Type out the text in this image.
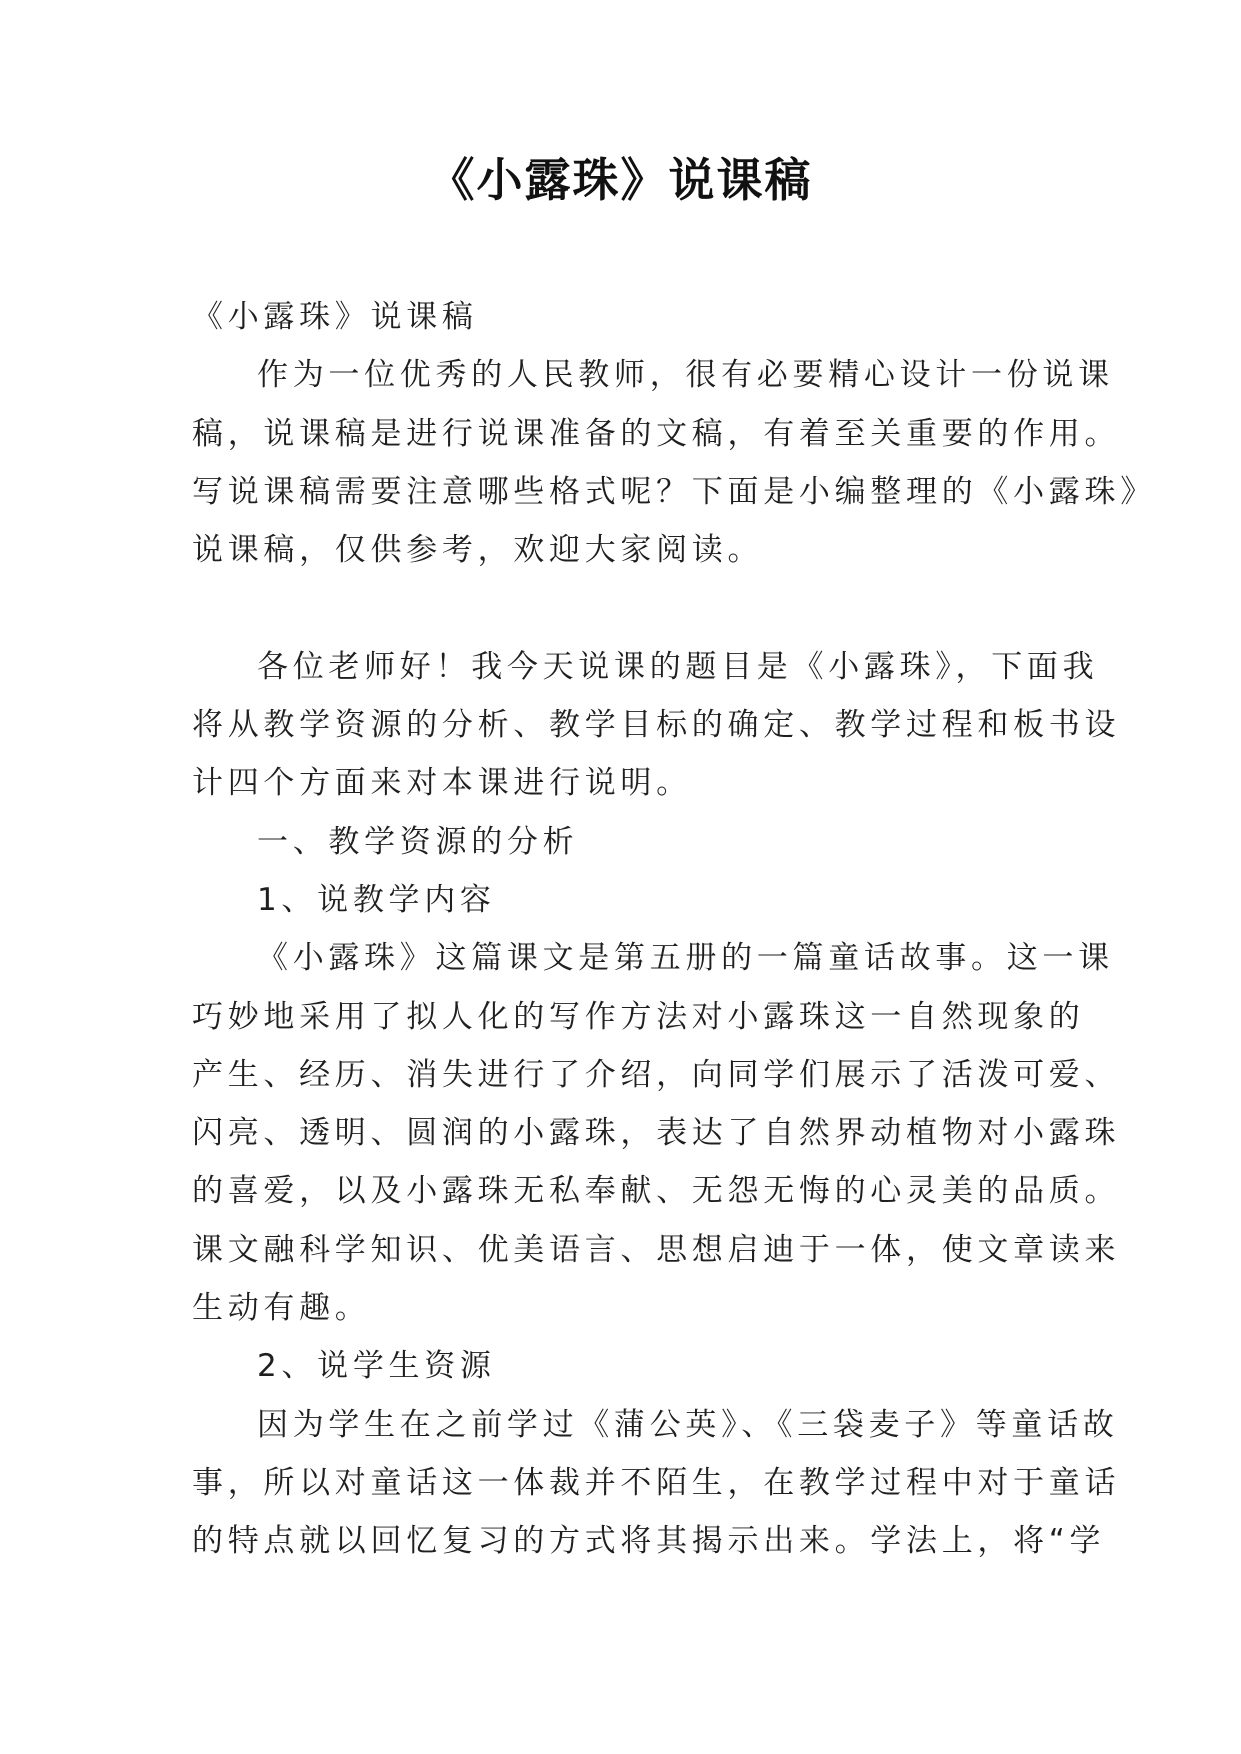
《小露珠》说课稿

《小露珠》说课稿

作为一位优秀的人民教师，很有必要精心设计一份说课

稿，说课稿是进行说课准备的文稿，有着至关重要的作用。

写说课稿需要注意哪些格式呢？下面是小编整理的《小露珠》

说课稿，仅供参考，欢迎大家阅读。

各位老师好！我今天说课的题目是《小露珠》，下面我

将从教学资源的分析、教学目标的确定、教学过程和板书设

计四个方面来对本课进行说明。

一、教学资源的分析

1、说教学内容

《小露珠》这篇课文是第五册的一篇童话故事。这一课

巧妙地采用了拟人化的写作方法对小露珠这一自然现象的

产生、经历、消失进行了介绍，向同学们展示了活泼可爱、

闪亮、透明、圆润的小露珠，表达了自然界动植物对小露珠

的喜爱，以及小露珠无私奉献、无怨无悔的心灵美的品质。

课文融科学知识、优美语言、思想启迪于一体，使文章读来

生动有趣。

2、说学生资源

因为学生在之前学过《蒲公英》、《三袋麦子》等童话故

事，所以对童话这一体裁并不陌生，在教学过程中对于童话

的特点就以回忆复习的方式将其揭示出来。学法上，将“学
